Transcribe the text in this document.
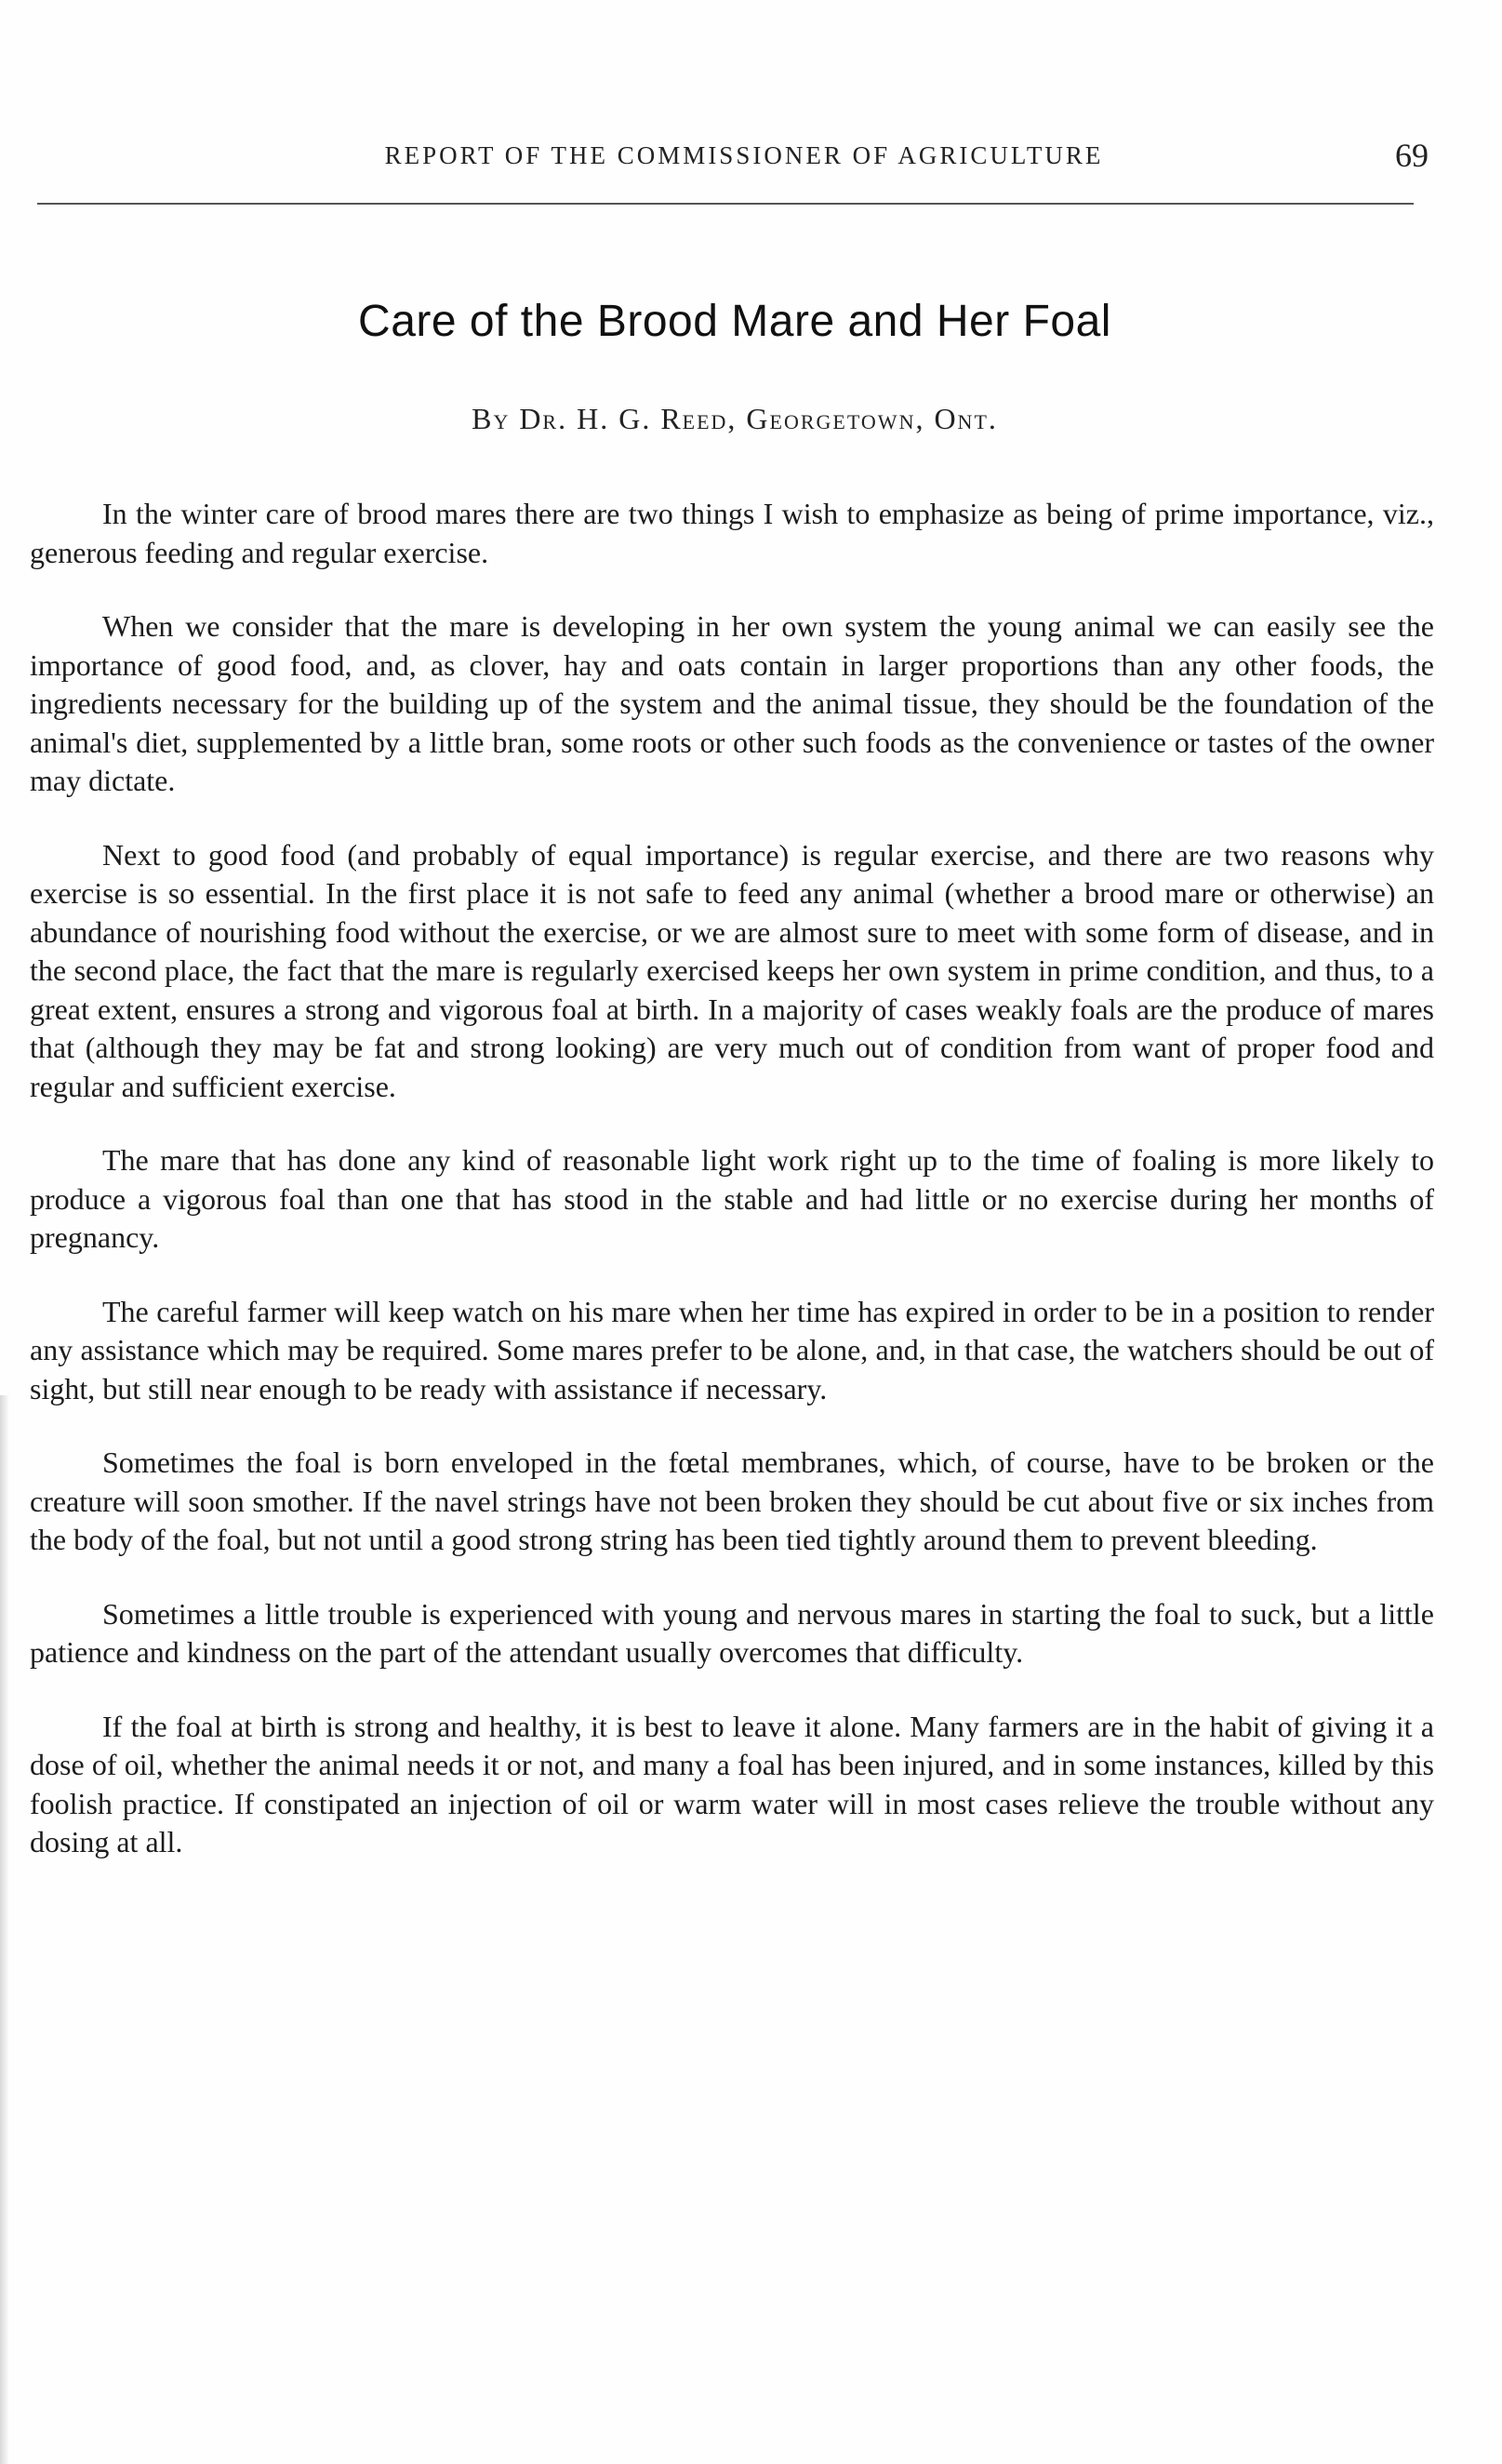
REPORT OF THE COMMISSIONER OF AGRICULTURE	69
Care of the Brood Mare and Her Foal
By Dr. H. G. Reed, Georgetown, Ont.

In the winter care of brood mares there are two things I wish to emphasize as being of prime importance, viz., generous feeding and regular exercise.

When we consider that the mare is developing in her own system the young animal we can easily see the importance of good food, and, as clover, hay and oats contain in larger proportions than any other foods, the ingredients necessary for the building up of the system and the animal tissue, they should be the foundation of the animal's diet, supplemented by a little bran, some roots or other such foods as the convenience or tastes of the owner may dictate.

Next to good food (and probably of equal importance) is regular exercise, and there are two reasons why exercise is so essential. In the first place it is not safe to feed any animal (whether a brood mare or otherwise) an abundance of nourishing food without the exercise, or we are almost sure to meet with some form of disease, and in the second place, the fact that the mare is regularly exercised keeps her own system in prime condition, and thus, to a great extent, ensures a strong and vigorous foal at birth. In a majority of cases weakly foals are the produce of mares that (although they may be fat and strong looking) are very much out of condition from want of proper food and regular and sufficient exercise.

The mare that has done any kind of reasonable light work right up to the time of foaling is more likely to produce a vigorous foal than one that has stood in the stable and had little or no exercise during her months of pregnancy.

The careful farmer will keep watch on his mare when her time has expired in order to be in a position to render any assistance which may be required. Some mares prefer to be alone, and, in that case, the watchers should be out of sight, but still near enough to be ready with assistance if necessary.

Sometimes the foal is born enveloped in the fœtal membranes, which, of course, have to be broken or the creature will soon smother. If the navel strings have not been broken they should be cut about five or six inches from the body of the foal, but not until a good strong string has been tied tightly around them to prevent bleeding.

Sometimes a little trouble is experienced with young and nervous mares in starting the foal to suck, but a little patience and kindness on the part of the attendant usually overcomes that difficulty.

If the foal at birth is strong and healthy, it is best to leave it alone. Many farmers are in the habit of giving it a dose of oil, whether the animal needs it or not, and many a foal has been injured, and in some instances, killed by this foolish practice. If constipated an injection of oil or warm water will in most cases relieve the trouble without any dosing at all.
